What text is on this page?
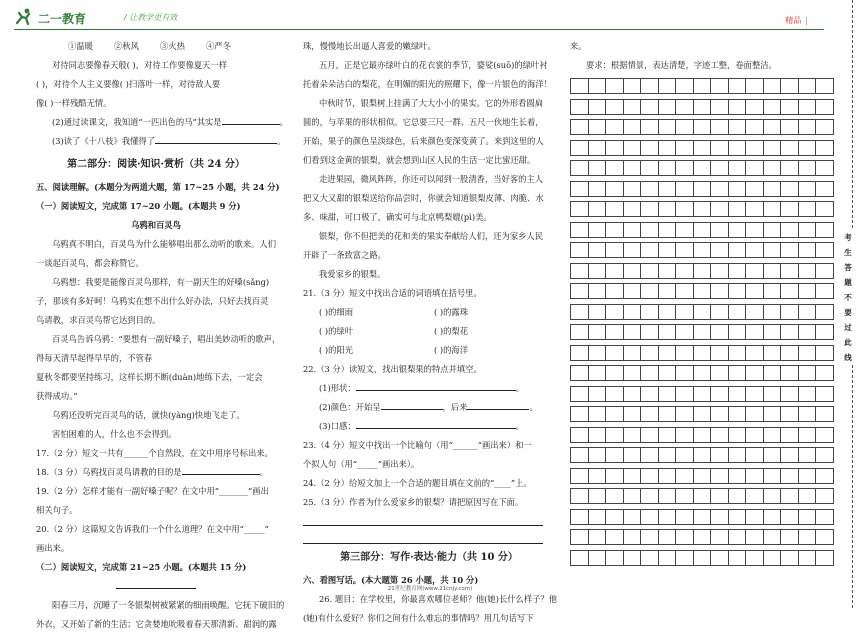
二一教育	/ 让教学更有效	精品 |

①温暖	②秋风	③火热	④严冬

对待同志要像春天般( )，对待工作要像夏天一样

( )，对待个人主义要像( )扫落叶一样，对待敌人要

像( )一样残酷无情。

(2)通过读课文，我知道“一匹出色的马”其实是	。

(3)读了《十八枝》我懂得了	。

第二部分：阅读·知识·赏析（共 24 分）

五、阅读理解。(本题分为两道大题，第 17~25 小题，共 24 分)

（一）阅读短文，完成第 17~20 小题。(本题共 9 分)

乌鸦和百灵鸟

乌鸦真不明白，百灵鸟为什么能够唱出那么动听的歌来。人们

一谈起百灵鸟，都会称赞它。

乌鸦想：我要是能像百灵鸟那样，有一副天生的好嗓(sǎng)

子，那该有多好呵！乌鸦实在想不出什么好办法，只好去找百灵

鸟请教，求百灵鸟帮它达到目的。

百灵鸟告诉乌鸦：“要想有一副好嗓子，唱出美妙动听的歌声，

得每天清早起得早早的，不管春

夏秋冬都要坚持练习，这样长期不断(duàn)地练下去，一定会

获得成功。”

乌鸦还没听完百灵鸟的话，就快(yàng)快地飞走了。

害怕困难的人，什么也不会得到。

17.（2 分）短文一共有______个自然段，在文中用序号标出来。

18.（3 分）乌鸦找百灵鸟请教的目的是	。

19.（2 分）怎样才能有一副好嗓子呢？在文中用“_______”画出

相关句子。

20.（2 分）这篇短文告诉我们一个什么道理？在文中用“_____”

画出来。

（二）阅读短文，完成第 21~25 小题。(本题共 15 分)

阳春三月，沉睡了一冬银梨树被紧紧的细雨唤醒。它抚下破旧的

外衣，又开始了新的生活；它贪婪地吮吸着春天那清新、甜润的露

珠，慢慢地长出逼人喜爱的嫩绿叶。

五月，正是它最亦绿叶白的花衣裳的季节，婆娑(suō)的绿叶衬

托着朵朵洁白的梨花，在明媚的阳光的照耀下，像一片银色的海洋！

中秋时节，银梨树上挂满了大大小小的果实。它的外形看圆扁

圆的，与苹果的形状相似。它总要三尺一群、五尺一伙地生长着，

开始，果子的颜色呈淡绿色，后来颜色变深变黄了。来到这里的人

们看到这金黄的银梨，就会想到山区人民的生活一定比蜜还甜。

走进果园，微风阵阵，你还可以闻到一股清香，当好客的主人

把又大又甜的银梨送给你品尝时，你就会知道银梨皮薄、肉脆、水

多、味甜，可口极了，确实可与北京鸭梨媲(pì)美。

银梨，你不但把美的花和美的果实奉献给人们，还为家乡人民

开辟了一条致富之路。

我爱家乡的银梨。

21.（3 分）短文中找出合适的词语填在括号里。

( )的细雨	( )的露珠
( )的绿叶	( )的梨花
( )的阳光	( )的海洋

22.（3 分）读短文，找出银梨果的特点并填空。

(1)形状：	。

(2)颜色：开始呈	，后来	。

(3)口感：	。

23.（4 分）短文中找出一个比喻句（用“______”画出来）和一

个拟人句（用“_____”画出来）。

24.（2 分）给短文加上一个合适的题目填在文前的“____”上。

25.（3 分）作者为什么爱家乡的银梨？请把原因写在下面。

第三部分：写作·表达·能力（共 10 分）

六、看图写话。(本大题第 26 小题，共 10 分)

26. 题目：在学校里，你最喜欢哪位老师？他(她)长什么样子？他

(她)有什么爱好？你们之间有什么难忘的事情吗？用几句话写下

来。

要求：根据情景，表达清楚，字迹工整，卷面整洁。

考
生
答
题
不
要
过
此
线
21世纪教育网(www.21cnjy.com)
